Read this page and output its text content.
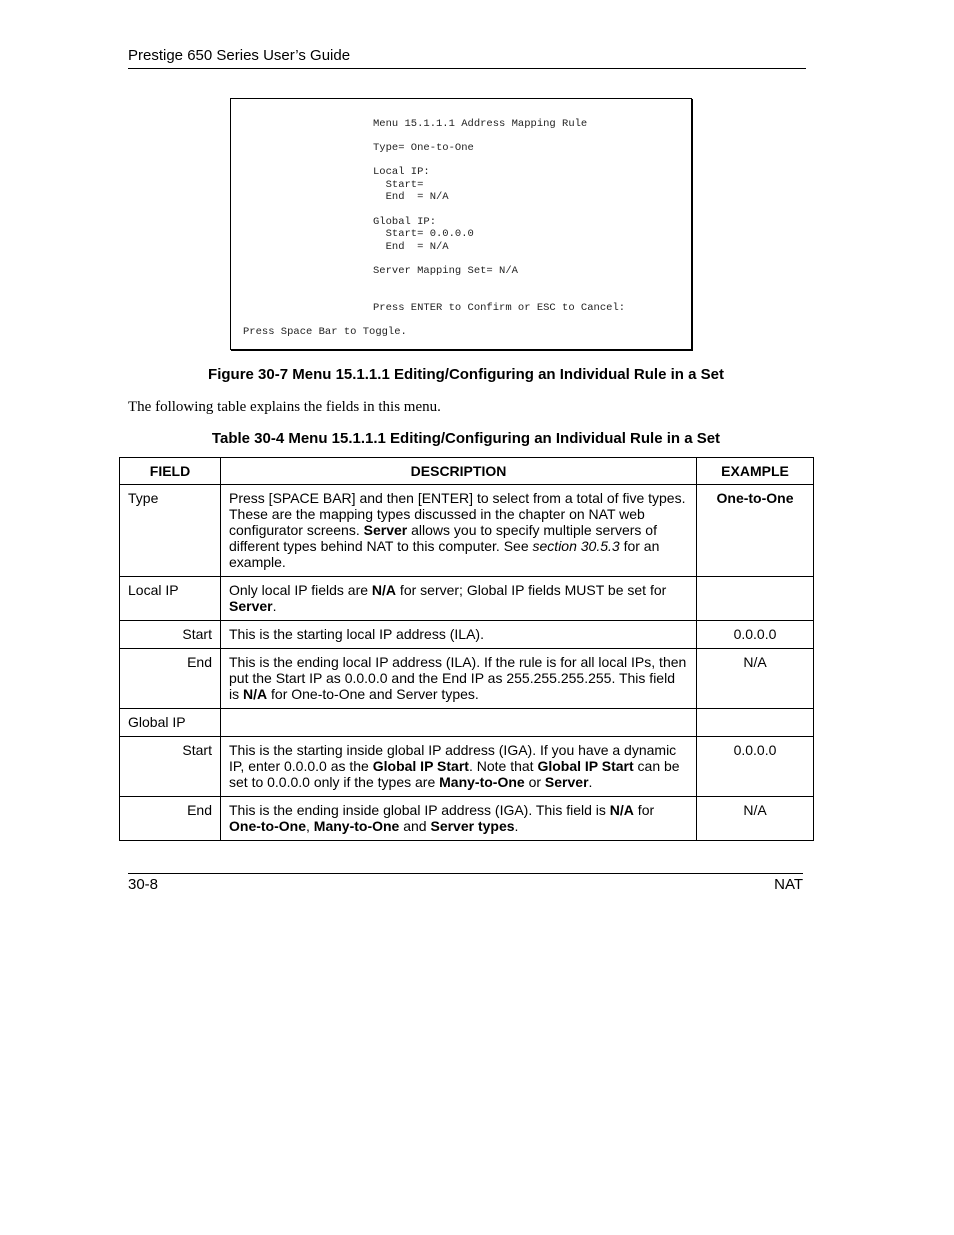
Prestige 650 Series User’s Guide
Menu 15.1.1.1 Address Mapping Rule
Type= One-to-One
Local IP:
Start=
End  = N/A
Global IP:
Start= 0.0.0.0
End  = N/A
Server Mapping Set= N/A
Press ENTER to Confirm or ESC to Cancel:
Press Space Bar to Toggle.
Figure 30-7 Menu 15.1.1.1 Editing/Configuring an Individual Rule in a Set
The following table explains the fields in this menu.
Table 30-4 Menu 15.1.1.1 Editing/Configuring an Individual Rule in a Set
FIELD	DESCRIPTION	EXAMPLE
Type	Press [SPACE BAR] and then [ENTER] to select from a total of five types. These are the mapping types discussed in the chapter on NAT web configurator screens. Server allows you to specify multiple servers of different types behind NAT to this computer. See section 30.5.3 for an example.	One-to-One
Local IP	Only local IP fields are N/A for server; Global IP fields MUST be set for Server.	
Start	This is the starting local IP address (ILA).	0.0.0.0
End	This is the ending local IP address (ILA). If the rule is for all local IPs, then put the Start IP as 0.0.0.0 and the End IP as 255.255.255.255. This field is N/A for One-to-One and Server types.	N/A
Global IP		
Start	This is the starting inside global IP address (IGA). If you have a dynamic IP, enter 0.0.0.0 as the Global IP Start. Note that Global IP Start can be set to 0.0.0.0 only if the types are Many-to-One or Server.	0.0.0.0
End	This is the ending inside global IP address (IGA). This field is N/A for One-to-One, Many-to-One and Server types.	N/A
30-8	NAT
